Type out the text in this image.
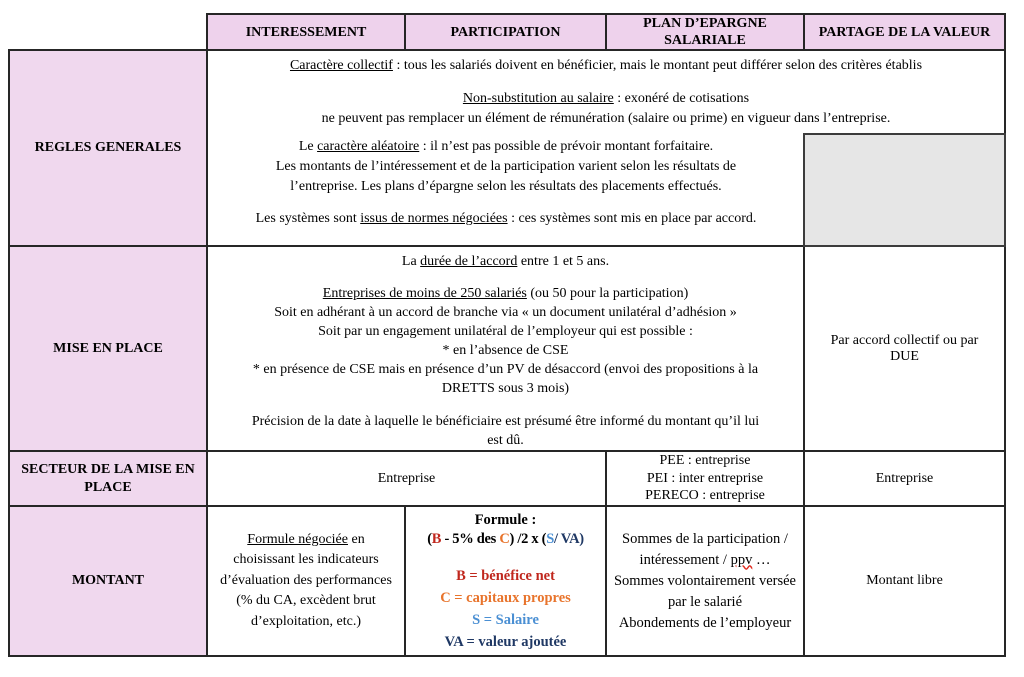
INTERESSEMENT	PARTICIPATION
PLAN D’EPARGNE SALARIALE
PARTAGE DE LA VALEUR
REGLES GENERALES
MISE EN PLACE
SECTEUR DE LA MISE EN PLACE
MONTANT
Caractère collectif : tous les salariés doivent en bénéficier, mais le montant peut différer selon des critères établis
Non-substitution au salaire : exonéré de cotisations
ne peuvent pas remplacer un élément de rémunération (salaire ou prime) en vigueur dans l’entreprise.
Le caractère aléatoire : il n’est pas possible de prévoir montant forfaitaire.
Les montants de l’intéressement et de la participation varient selon les résultats de
l’entreprise. Les plans d’épargne selon les résultats des placements effectués.
Les systèmes sont issus de normes négociées : ces systèmes sont mis en place par accord.
La durée de l’accord entre 1 et 5 ans.
Entreprises de moins de 250 salariés (ou 50 pour la participation)
Soit en adhérant à un accord de branche via « un document unilatéral d’adhésion »
Soit par un engagement unilatéral de l’employeur qui est possible :
* en l’absence de CSE
* en présence de CSE mais en présence d’un PV de désaccord (envoi des propositions à la
DRETTS sous 3 mois)
Précision de la date à laquelle le bénéficiaire est présumé être informé du montant qu’il lui
est dû.
Par accord collectif ou par DUE
Entreprise
PEE : entreprise
PEI : inter entreprise
PERECO : entreprise
Entreprise
Formule négociée en choisissant les indicateurs d’évaluation des performances (% du CA, excèdent brut d’exploitation, etc.)
Formule :
(B - 5% des C) /2 x (S/ VA)
B = bénéfice net
C = capitaux propres
S = Salaire
VA = valeur ajoutée
Sommes de la participation / intéressement / ppv …
Sommes volontairement versée par le salarié
Abondements de l’employeur
Montant libre
